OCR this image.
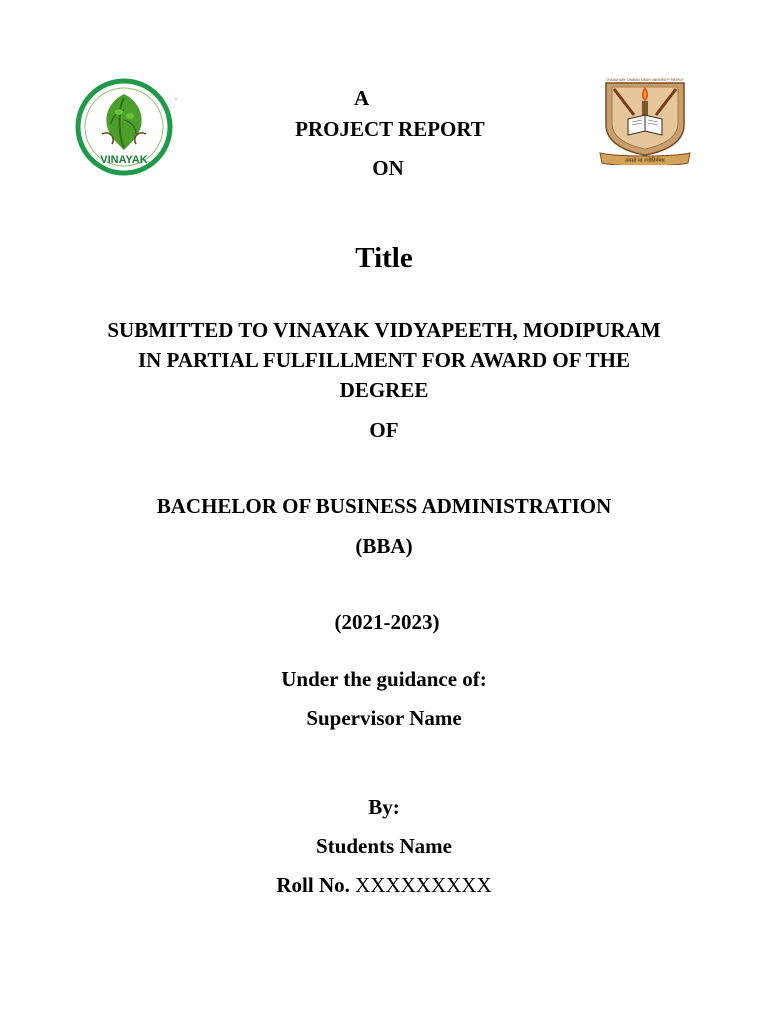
VINAYAK
,
CHAUDHARY CHARAN SINGH UNIVERSITY MEERUT
तमसो मा ज्योतिर्गमय
A
PROJECT REPORT
ON
Title
SUBMITTED TO VINAYAK VIDYAPEETH, MODIPURAM
IN PARTIAL FULFILLMENT FOR AWARD OF THE
DEGREE
OF
BACHELOR OF BUSINESS ADMINISTRATION
(BBA)
(2021-2023)
Under the guidance of:
Supervisor Name
By:
Students Name
Roll No. XXXXXXXXX
